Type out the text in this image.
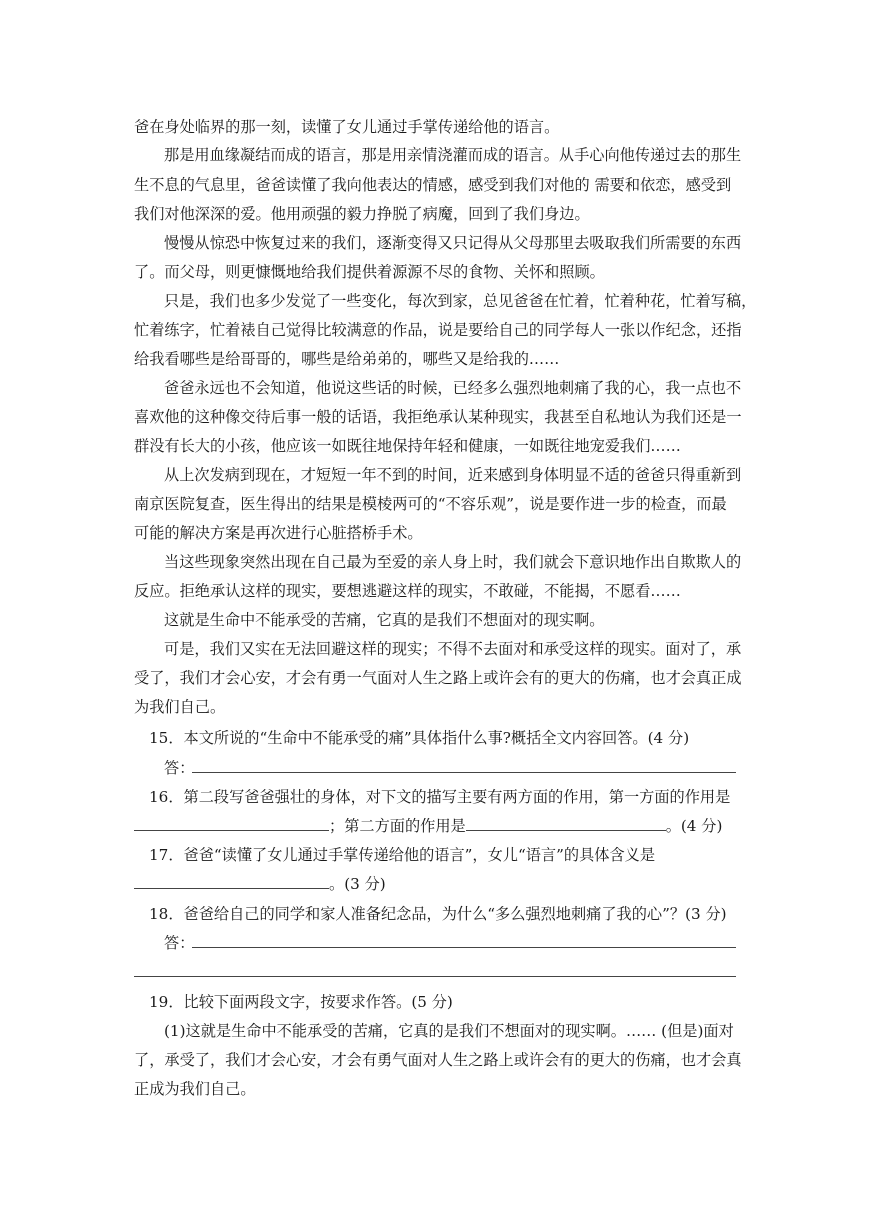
爸在身处临界的那一刻，读懂了女儿通过手掌传递给他的语言。
那是用血缘凝结而成的语言，那是用亲情浇灌而成的语言。从手心向他传递过去的那生
生不息的气息里，爸爸读懂了我向他表达的情感，感受到我们对他的 需要和依恋，感受到
我们对他深深的爱。他用顽强的毅力挣脱了病魔，回到了我们身边。
慢慢从惊恐中恢复过来的我们，逐渐变得又只记得从父母那里去吸取我们所需要的东西
了。而父母，则更慷慨地给我们提供着源源不尽的食物、关怀和照顾。
只是，我们也多少发觉了一些变化，每次到家，总见爸爸在忙着，忙着种花，忙着写稿，
忙着练字，忙着裱自己觉得比较满意的作品，说是要给自己的同学每人一张以作纪念，还指
给我看哪些是给哥哥的，哪些是给弟弟的，哪些又是给我的……
爸爸永远也不会知道，他说这些话的时候，已经多么强烈地刺痛了我的心，我一点也不
喜欢他的这种像交待后事一般的话语，我拒绝承认某种现实，我甚至自私地认为我们还是一
群没有长大的小孩，他应该一如既往地保持年轻和健康，一如既往地宠爱我们……
从上次发病到现在，才短短一年不到的时间，近来感到身体明显不适的爸爸只得重新到
南京医院复查，医生得出的结果是模棱两可的“不容乐观”，说是要作进一步的检查，而最
可能的解决方案是再次进行心脏搭桥手术。
当这些现象突然出现在自己最为至爱的亲人身上时，我们就会下意识地作出自欺欺人的
反应。拒绝承认这样的现实，要想逃避这样的现实，不敢碰，不能揭，不愿看……
这就是生命中不能承受的苦痛，它真的是我们不想面对的现实啊。
可是，我们又实在无法回避这样的现实；不得不去面对和承受这样的现实。面对了，承
受了，我们才会心安，才会有勇一气面对人生之路上或许会有的更大的伤痛，也才会真正成
为我们自己。
15．本文所说的“生命中不能承受的痛”具体指什么事?概括全文内容回答。(4 分)
答：
16．第二段写爸爸强壮的身体，对下文的描写主要有两方面的作用，第一方面的作用是
；第二方面的作用是	。(4 分)
17．爸爸“读懂了女儿通过手掌传递给他的语言”，女儿“语言”的具体含义是
。(3 分)
18．爸爸给自己的同学和家人准备纪念品，为什么“多么强烈地刺痛了我的心”？(3 分)
答：
19．比较下面两段文字，按要求作答。(5 分)
(1)这就是生命中不能承受的苦痛，它真的是我们不想面对的现实啊。…… (但是)面对
了，承受了，我们才会心安，才会有勇气面对人生之路上或许会有的更大的伤痛，也才会真
正成为我们自己。
